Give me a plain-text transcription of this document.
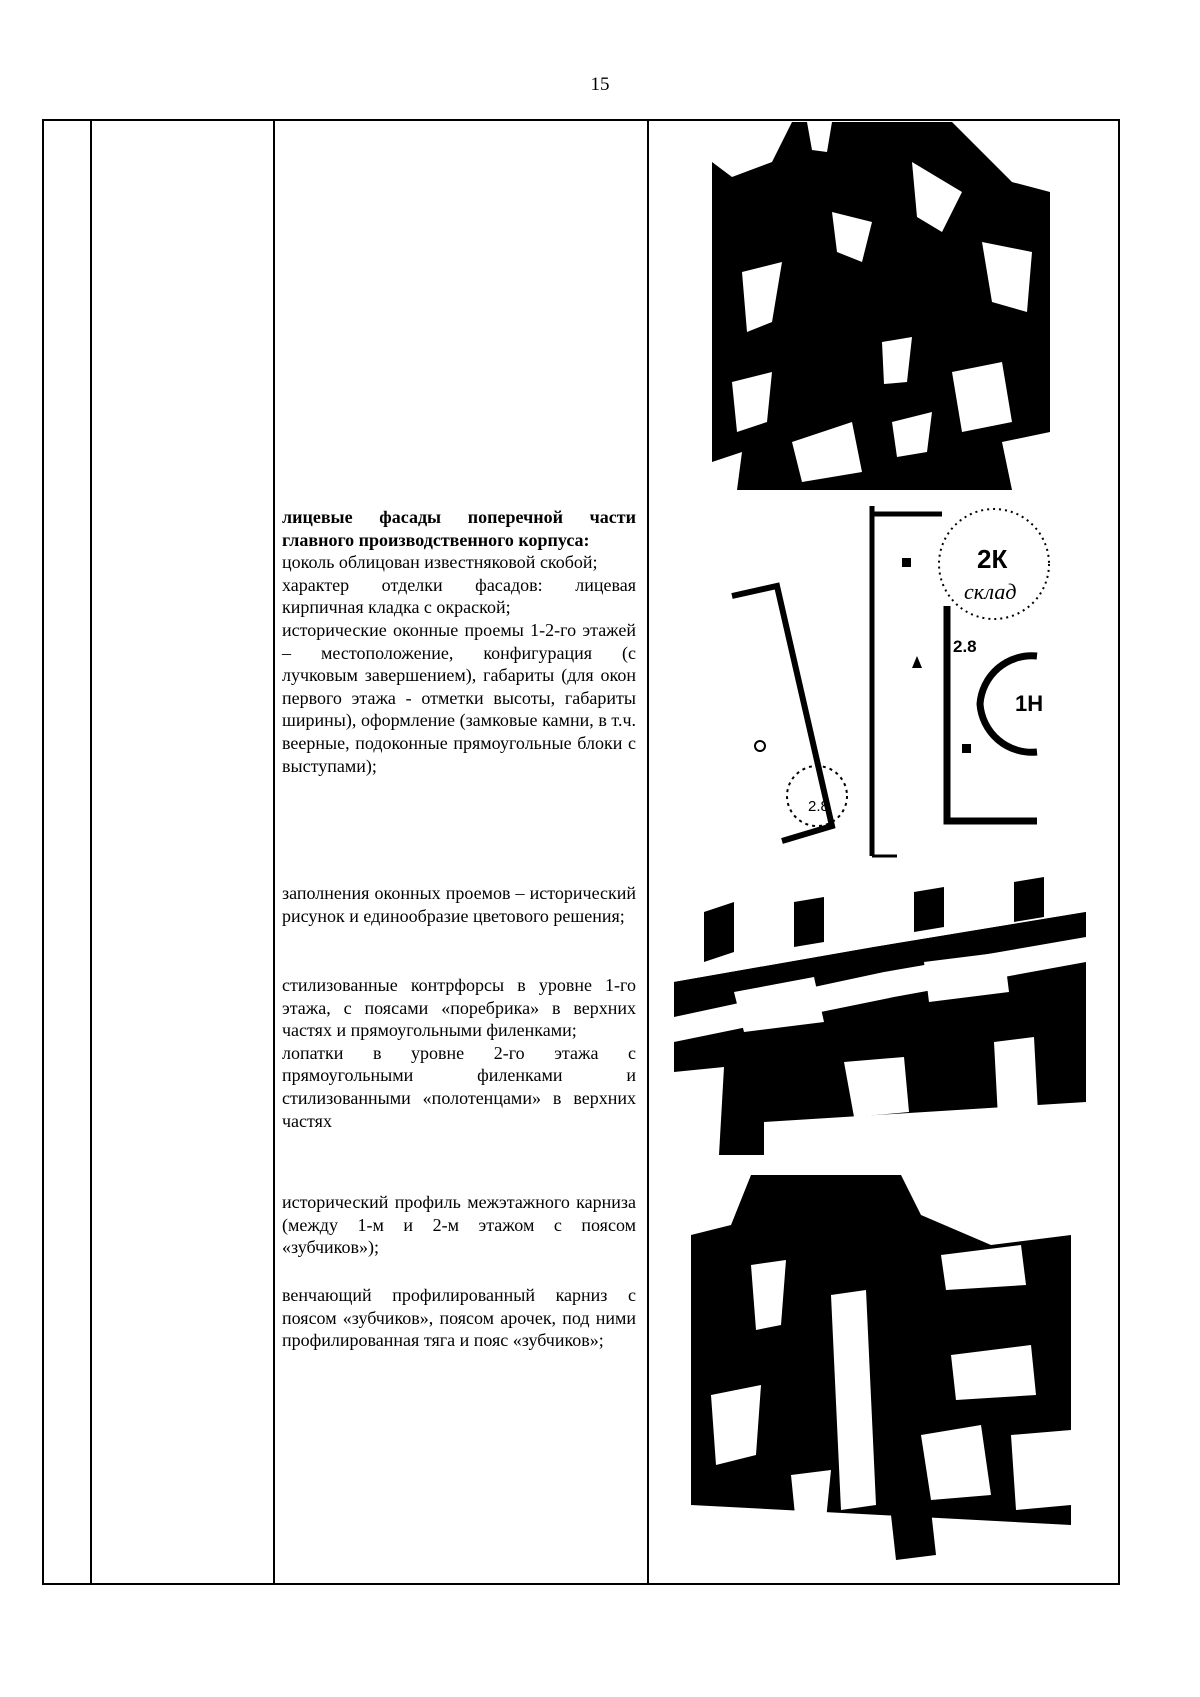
15

лицевые фасады поперечной части главного производственного корпуса:

цоколь облицован известняковой скобой;

характер отделки фасадов: лицевая кирпичная кладка с окраской;

исторические оконные проемы 1-2-го этажей – местоположение, конфигурация (с лучковым завершением), габариты (для окон первого этажа - отметки высоты, габариты ширины), оформление (замковые камни, в т.ч. веерные, подоконные прямоугольные блоки с выступами);

заполнения оконных проемов – исторический рисунок и единообразие цветового решения;

стилизованные контрфорсы в уровне 1-го этажа, с поясами «поребрика» в верхних частях и прямоугольными филенками;

лопатки в уровне 2-го этажа с прямоугольными филенками и стилизованными «полотенцами» в верхних частях

исторический профиль межэтажного карниза (между 1-м и 2-м этажом с поясом «зубчиков»);
венчающий профилированный карниз с поясом «зубчиков», поясом арочек, под ними профилированная тяга и пояс «зубчиков»;
2К
склад
2.8
2.8
1Н
